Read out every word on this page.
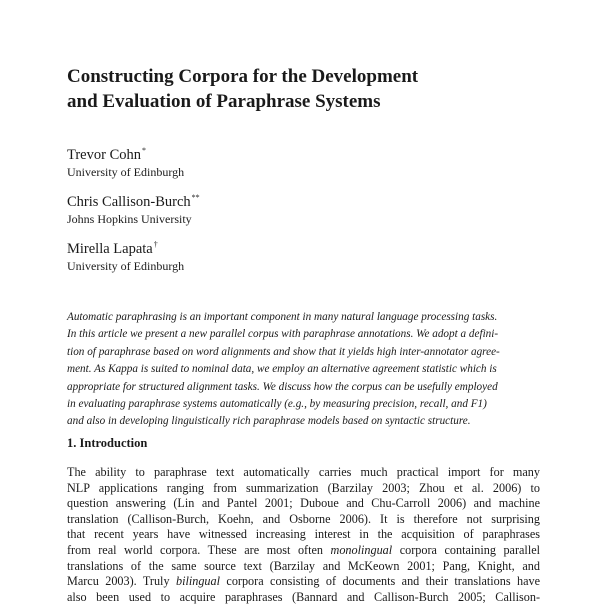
Constructing Corpora for the Development
and Evaluation of Paraphrase Systems
Trevor Cohn*
University of Edinburgh
Chris Callison-Burch**
Johns Hopkins University
Mirella Lapata†
University of Edinburgh
Automatic paraphrasing is an important component in many natural language processing tasks.
In this article we present a new parallel corpus with paraphrase annotations. We adopt a defini-
tion of paraphrase based on word alignments and show that it yields high inter-annotator agree-
ment. As Kappa is suited to nominal data, we employ an alternative agreement statistic which is
appropriate for structured alignment tasks. We discuss how the corpus can be usefully employed
in evaluating paraphrase systems automatically (e.g., by measuring precision, recall, and F1)
and also in developing linguistically rich paraphrase models based on syntactic structure.
1. Introduction
The ability to paraphrase text automatically carries much practical import for many
NLP applications ranging from summarization (Barzilay 2003; Zhou et al. 2006) to
question answering (Lin and Pantel 2001; Duboue and Chu-Carroll 2006) and machine
translation (Callison-Burch, Koehn, and Osborne 2006). It is therefore not surprising
that recent years have witnessed increasing interest in the acquisition of paraphrases
from real world corpora. These are most often monolingual corpora containing parallel
translations of the same source text (Barzilay and McKeown 2001; Pang, Knight, and
Marcu 2003). Truly bilingual corpora consisting of documents and their translations have
also been used to acquire paraphrases (Bannard and Callison-Burch 2005; Callison-
